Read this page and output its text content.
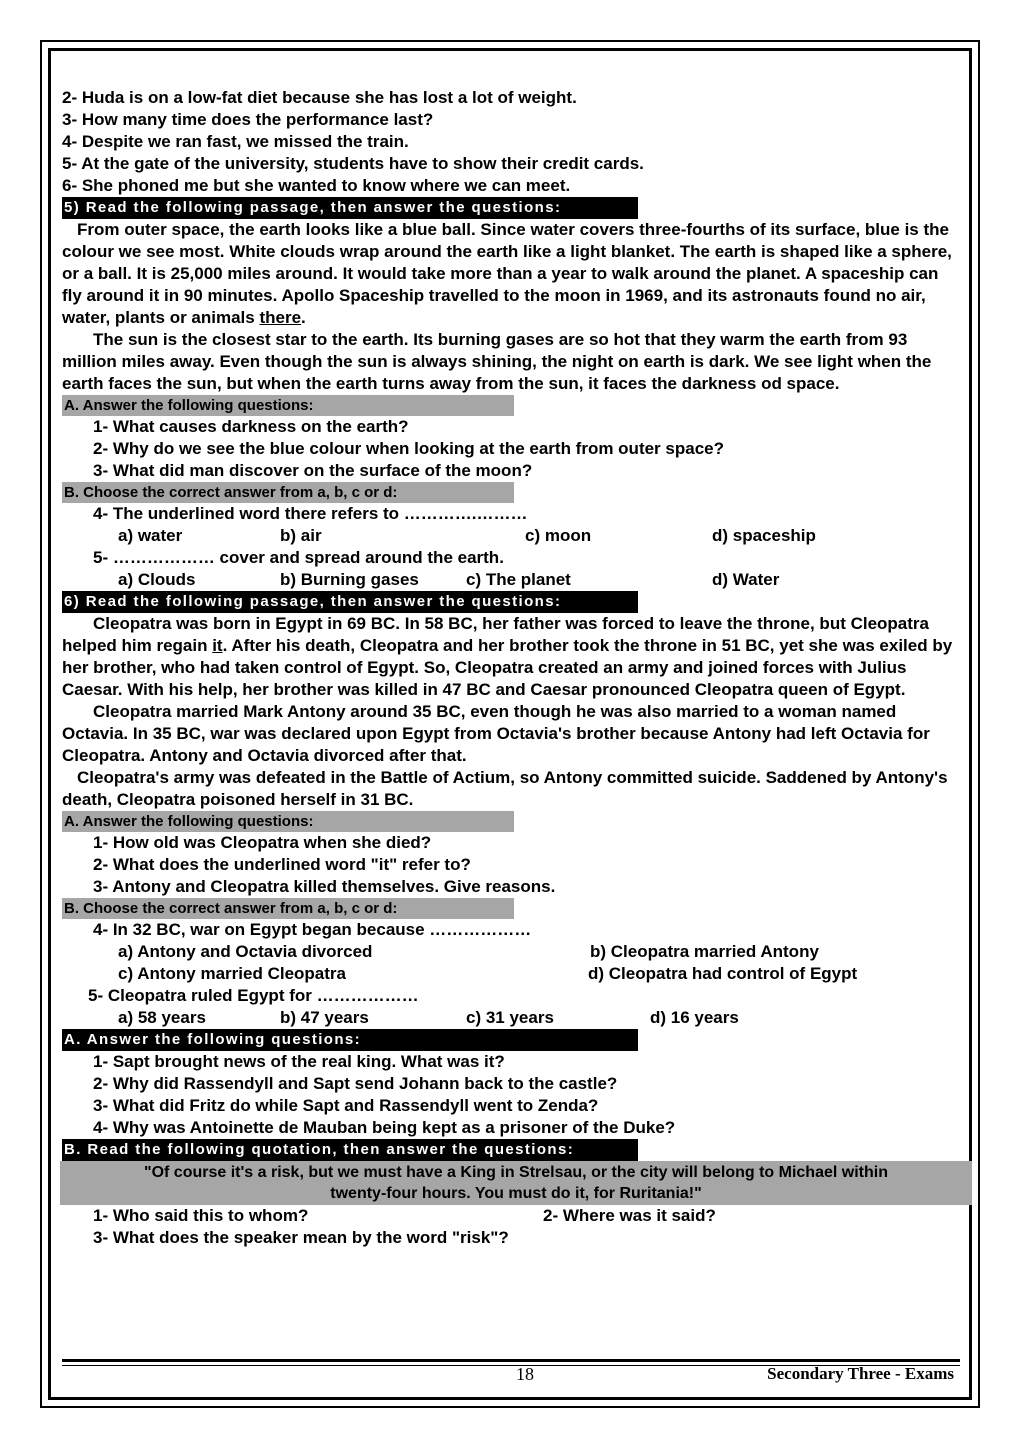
2- Huda is on a low-fat diet because she has lost a lot of weight.
3- How many time does the performance last?
4- Despite we ran fast, we missed the train.
5- At the gate of the university, students have to show their credit cards.
6- She phoned me but she wanted to know where we can meet.
5) Read the following passage, then answer the questions:
From outer space, the earth looks like a blue ball. Since water covers three-fourths of its surface, blue is the colour we see most. White clouds wrap around the earth like a light blanket. The earth is shaped like a sphere, or a ball. It is 25,000 miles around. It would take more than a year to walk around the planet. A spaceship can fly around it in 90 minutes. Apollo Spaceship travelled to the moon in 1969, and its astronauts found no air, water, plants or animals there.
The sun is the closest star to the earth. Its burning gases are so hot that they warm the earth from 93 million miles away. Even though the sun is always shining, the night on earth is dark. We see light when the earth faces the sun, but when the earth turns away from the sun, it faces the darkness od space.
A. Answer the following questions:
1- What causes darkness on the earth?
2- Why do we see the blue colour when looking at the earth from outer space?
3- What did man discover on the surface of the moon?
B. Choose the correct answer from a, b, c or d:
4- The underlined word there refers to ………….………
a) water	b) air	c) moon	d) spaceship
5- ……………… cover and spread around the earth.
a) Clouds	b) Burning gases	c) The planet	d) Water
6) Read the following passage, then answer the questions:
Cleopatra was born in Egypt in 69 BC. In 58 BC, her father was forced to leave the throne, but Cleopatra helped him regain it. After his death, Cleopatra and her brother took the throne in 51 BC, yet she was exiled by her brother, who had taken control of Egypt. So, Cleopatra created an army and joined forces with Julius Caesar. With his help, her brother was killed in 47 BC and Caesar pronounced Cleopatra queen of Egypt.
Cleopatra married Mark Antony around 35 BC, even though he was also married to a woman named Octavia. In 35 BC, war was declared upon Egypt from Octavia's brother because Antony had left Octavia for Cleopatra. Antony and Octavia divorced after that.
Cleopatra's army was defeated in the Battle of Actium, so Antony committed suicide. Saddened by Antony's death, Cleopatra poisoned herself in 31 BC.
A. Answer the following questions:
1- How old was Cleopatra when she died?
2- What does the underlined word "it" refer to?
3- Antony and Cleopatra killed themselves. Give reasons.
B. Choose the correct answer from a, b, c or d:
4- In 32 BC, war on Egypt began because ………………
a) Antony and Octavia divorced	b) Cleopatra married Antony
c) Antony married Cleopatra	d) Cleopatra had control of Egypt
5- Cleopatra ruled Egypt for ………………
a) 58 years	b) 47 years	c) 31 years	d) 16 years
A. Answer the following questions:
1- Sapt brought news of the real king. What was it?
2- Why did Rassendyll and Sapt send Johann back to the castle?
3- What did Fritz do while Sapt and Rassendyll went to Zenda?
4- Why was Antoinette de Mauban being kept as a prisoner of the Duke?
B. Read the following quotation, then answer the questions:
"Of course it's a risk, but we must have a King in Strelsau, or the city will belong to Michael within
twenty-four hours. You must do it, for Ruritania!"
1- Who said this to whom?	2- Where was it said?
3- What does the speaker mean by the word "risk"?
18	Secondary Three - Exams
